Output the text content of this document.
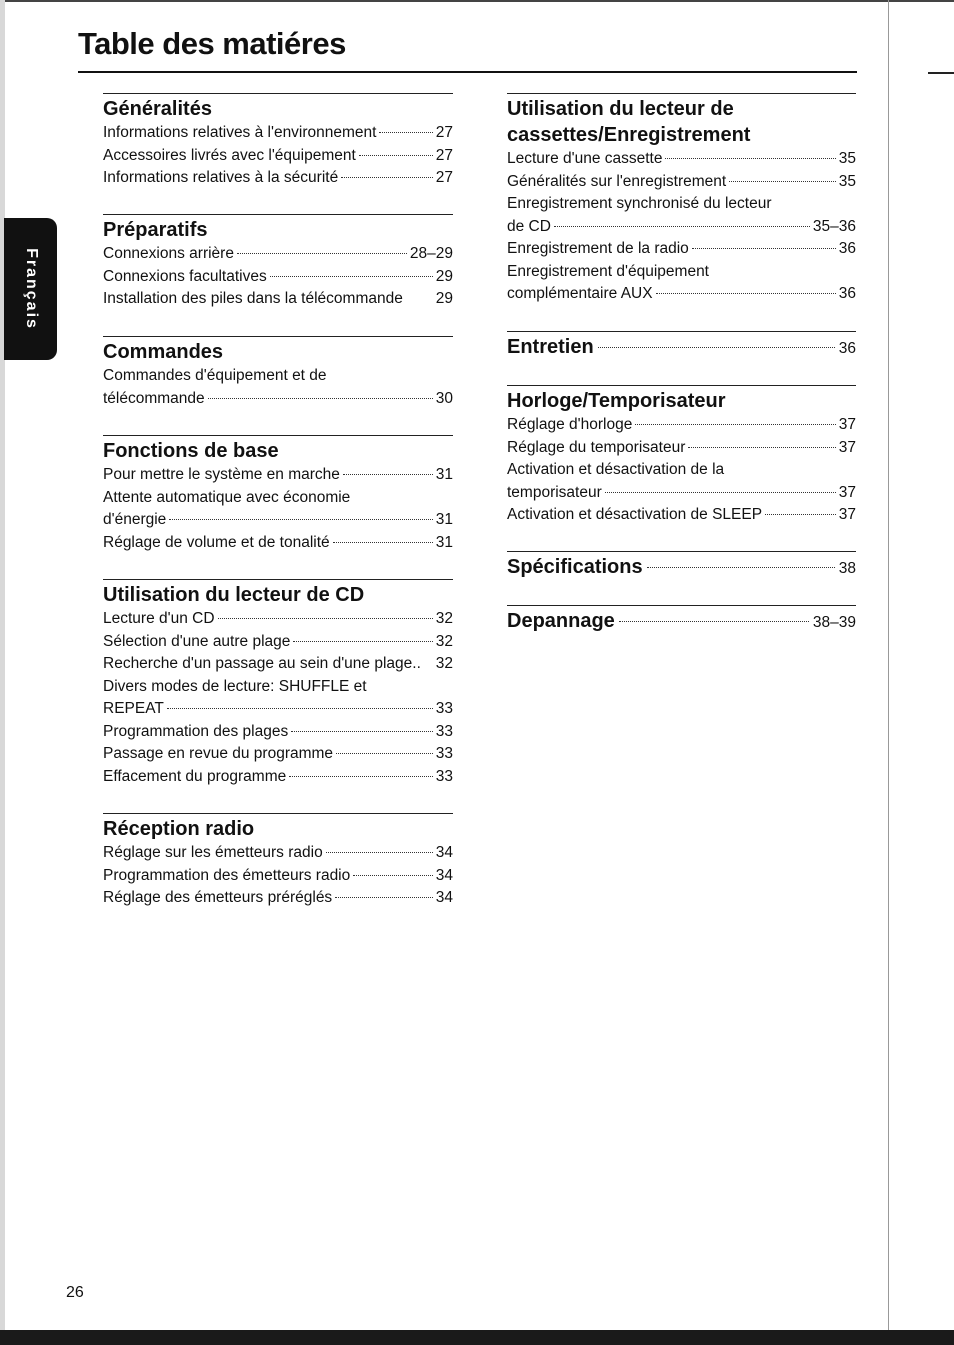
Table des matiéres
Français
Généralités
Informations relatives à l'environnement	27
Accessoires livrés avec l'équipement	27
Informations relatives à la sécurité	27
Préparatifs
Connexions arrière	28–29
Connexions facultatives	29
Installation des piles dans la télécommande 29
Commandes
Commandes d'équipement et de
télécommande	30
Fonctions de base
Pour mettre le système en marche	31
Attente automatique avec économie
d'énergie	31
Réglage de volume et de tonalité	31
Utilisation du lecteur de CD
Lecture d'un CD	32
Sélection d'une autre plage	32
Recherche d'un passage au sein d'une plage.. 32
Divers modes de lecture: SHUFFLE et
REPEAT	33
Programmation des plages	33
Passage en revue du programme	33
Effacement du programme	33
Réception radio
Réglage sur les émetteurs radio	34
Programmation des émetteurs radio	34
Réglage des émetteurs préréglés	34
Utilisation du lecteur de
cassettes/Enregistrement
Lecture d'une cassette	35
Généralités sur l'enregistrement	35
Enregistrement synchronisé du lecteur
de CD	35–36
Enregistrement de la radio	36
Enregistrement d'équipement
complémentaire AUX	36
Entretien	36
Horloge/Temporisateur
Réglage d'horloge	37
Réglage du temporisateur	37
Activation et désactivation de la
temporisateur	37
Activation et désactivation de SLEEP	37
Spécifications	38
Depannage	38–39
26
